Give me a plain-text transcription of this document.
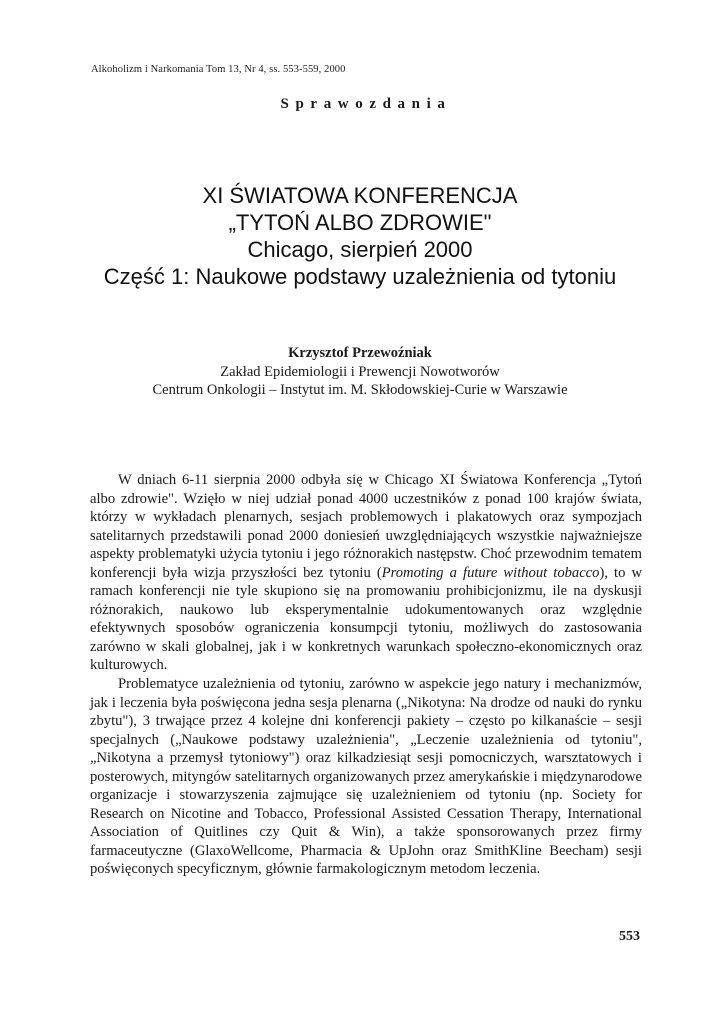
Alkoholizm i Narkomania Tom 13, Nr 4, ss. 553-559, 2000
Sprawozdania
XI ŚWIATOWA KONFERENCJA
„TYTOŃ ALBO ZDROWIE"
Chicago, sierpień 2000
Część 1: Naukowe podstawy uzależnienia od tytoniu
Krzysztof Przewoźniak
Zakład Epidemiologii i Prewencji Nowotworów
Centrum Onkologii – Instytut im. M. Skłodowskiej-Curie w Warszawie

W dniach 6-11 sierpnia 2000 odbyła się w Chicago XI Światowa Konferencja „Tytoń albo zdrowie". Wzięło w niej udział ponad 4000 uczestników z ponad 100 krajów świata, którzy w wykładach plenarnych, sesjach problemowych i plakatowych oraz sympozjach satelitarnych przedstawili ponad 2000 doniesień uwzględniających wszystkie najważniejsze aspekty problematyki użycia tytoniu i jego różnorakich następstw. Choć przewodnim tematem konferencji była wizja przyszłości bez tytoniu (Promoting a future without tobacco), to w ramach konferencji nie tyle skupiono się na promowaniu prohibicjonizmu, ile na dyskusji różnorakich, naukowo lub eksperymentalnie udokumentowanych oraz względnie efektywnych sposobów ograniczenia konsumpcji tytoniu, możliwych do zastosowania zarówno w skali globalnej, jak i w konkretnych warunkach społeczno-ekonomicznych oraz kulturowych.

Problematyce uzależnienia od tytoniu, zarówno w aspekcie jego natury i mechanizmów, jak i leczenia była poświęcona jedna sesja plenarna („Nikotyna: Na drodze od nauki do rynku zbytu"), 3 trwające przez 4 kolejne dni konferencji pakiety – często po kilkanaście – sesji specjalnych („Naukowe podstawy uzależnienia", „Leczenie uzależnienia od tytoniu", „Nikotyna a przemysł tytoniowy") oraz kilkadziesiąt sesji pomocniczych, warsztatowych i posterowych, mityngów satelitarnych organizowanych przez amerykańskie i międzynarodowe organizacje i stowarzyszenia zajmujące się uzależnieniem od tytoniu (np. Society for Research on Nicotine and Tobacco, Professional Assisted Cessation Therapy, International Association of Quitlines czy Quit & Win), a także sponsorowanych przez firmy farmaceutyczne (GlaxoWellcome, Pharmacia & UpJohn oraz SmithKline Beecham) sesji poświęconych specyficznym, głównie farmakologicznym metodom leczenia.

553
